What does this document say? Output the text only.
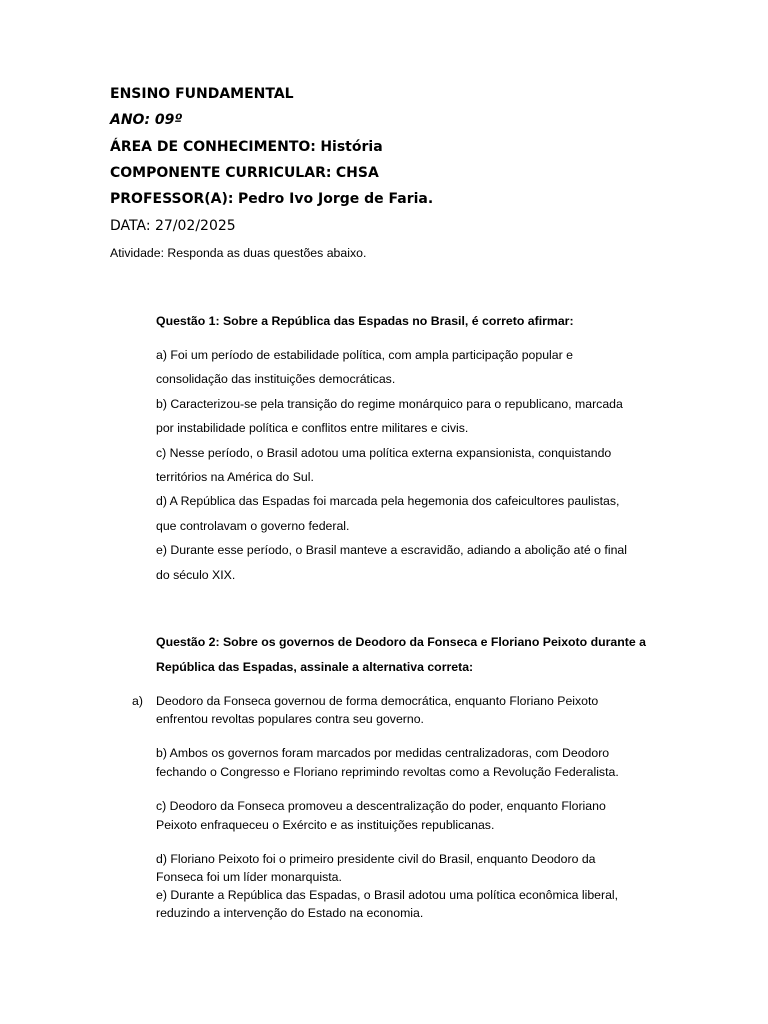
ENSINO FUNDAMENTAL
ANO: 09º
ÁREA DE CONHECIMENTO: História
COMPONENTE CURRICULAR: CHSA
PROFESSOR(A): Pedro Ivo Jorge de Faria.
DATA: 27/02/2025
Atividade: Responda as duas questões abaixo.
Questão 1: Sobre a República das Espadas no Brasil, é correto afirmar:
a) Foi um período de estabilidade política, com ampla participação popular e
consolidação das instituições democráticas.
b) Caracterizou-se pela transição do regime monárquico para o republicano, marcada
por instabilidade política e conflitos entre militares e civis.
c) Nesse período, o Brasil adotou uma política externa expansionista, conquistando
territórios na América do Sul.
d) A República das Espadas foi marcada pela hegemonia dos cafeicultores paulistas,
que controlavam o governo federal.
e) Durante esse período, o Brasil manteve a escravidão, adiando a abolição até o final
do século XIX.
Questão 2: Sobre os governos de Deodoro da Fonseca e Floriano Peixoto durante a
República das Espadas, assinale a alternativa correta:
a) Deodoro da Fonseca governou de forma democrática, enquanto Floriano Peixoto
enfrentou revoltas populares contra seu governo.
b) Ambos os governos foram marcados por medidas centralizadoras, com Deodoro
fechando o Congresso e Floriano reprimindo revoltas como a Revolução Federalista.
c) Deodoro da Fonseca promoveu a descentralização do poder, enquanto Floriano
Peixoto enfraqueceu o Exército e as instituições republicanas.
d) Floriano Peixoto foi o primeiro presidente civil do Brasil, enquanto Deodoro da
Fonseca foi um líder monarquista.
e) Durante a República das Espadas, o Brasil adotou uma política econômica liberal,
reduzindo a intervenção do Estado na economia.
